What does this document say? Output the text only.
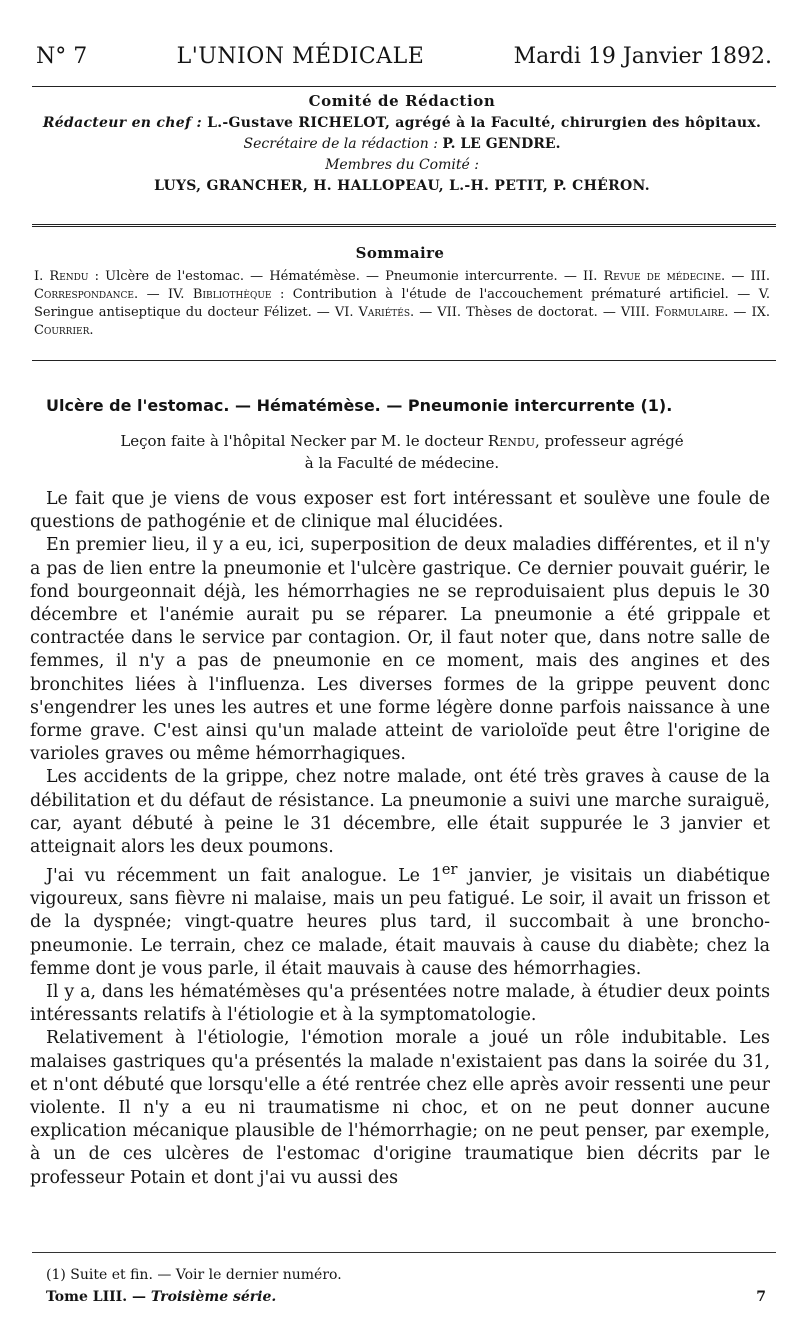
N° 7	L'UNION MÉDICALE	Mardi 19 Janvier 1892.
Comité de Rédaction
Rédacteur en chef : L.-Gustave RICHELOT, agrégé à la Faculté, chirurgien des hôpitaux.
Secrétaire de la rédaction : P. LE GENDRE.
Membres du Comité :
LUYS, GRANCHER, H. HALLOPEAU, L.-H. PETIT, P. CHÉRON.
Sommaire
I. Rendu : Ulcère de l'estomac. — Hématémèse. — Pneumonie intercurrente. — II. Revue de médecine. — III. Correspondance. — IV. Bibliothèque : Contribution à l'étude de l'accouchement prématuré artificiel. — V. Seringue antiseptique du docteur Félizet. — VI. Variétés. — VII. Thèses de doctorat. — VIII. Formulaire. — IX. Courrier.
Ulcère de l'estomac. — Hématémèse. — Pneumonie intercurrente (1).
Leçon faite à l'hôpital Necker par M. le docteur Rendu, professeur agrégé
à la Faculté de médecine.

Le fait que je viens de vous exposer est fort intéressant et soulève une foule de questions de pathogénie et de clinique mal élucidées.

En premier lieu, il y a eu, ici, superposition de deux maladies différentes, et il n'y a pas de lien entre la pneumonie et l'ulcère gastrique. Ce dernier pouvait guérir, le fond bourgeonnait déjà, les hémorrhagies ne se reproduisaient plus depuis le 30 décembre et l'anémie aurait pu se réparer. La pneumonie a été grippale et contractée dans le service par contagion. Or, il faut noter que, dans notre salle de femmes, il n'y a pas de pneumonie en ce moment, mais des angines et des bronchites liées à l'influenza. Les diverses formes de la grippe peuvent donc s'engendrer les unes les autres et une forme légère donne parfois naissance à une forme grave. C'est ainsi qu'un malade atteint de varioloïde peut être l'origine de varioles graves ou même hémorrhagiques.

Les accidents de la grippe, chez notre malade, ont été très graves à cause de la débilitation et du défaut de résistance. La pneumonie a suivi une marche suraiguë, car, ayant débuté à peine le 31 décembre, elle était suppurée le 3 janvier et atteignait alors les deux poumons.

J'ai vu récemment un fait analogue. Le 1er janvier, je visitais un diabétique vigoureux, sans fièvre ni malaise, mais un peu fatigué. Le soir, il avait un frisson et de la dyspnée; vingt-quatre heures plus tard, il succombait à une broncho-pneumonie. Le terrain, chez ce malade, était mauvais à cause du diabète; chez la femme dont je vous parle, il était mauvais à cause des hémorrhagies.

Il y a, dans les hématémèses qu'a présentées notre malade, à étudier deux points intéressants relatifs à l'étiologie et à la symptomatologie.

Relativement à l'étiologie, l'émotion morale a joué un rôle indubitable. Les malaises gastriques qu'a présentés la malade n'existaient pas dans la soirée du 31, et n'ont débuté que lorsqu'elle a été rentrée chez elle après avoir ressenti une peur violente. Il n'y a eu ni traumatisme ni choc, et on ne peut donner aucune explication mécanique plausible de l'hémorrhagie; on ne peut penser, par exemple, à un de ces ulcères de l'estomac d'origine traumatique bien décrits par le professeur Potain et dont j'ai vu aussi des

(1) Suite et fin. — Voir le dernier numéro.
Tome LIII. — Troisième série.	7
